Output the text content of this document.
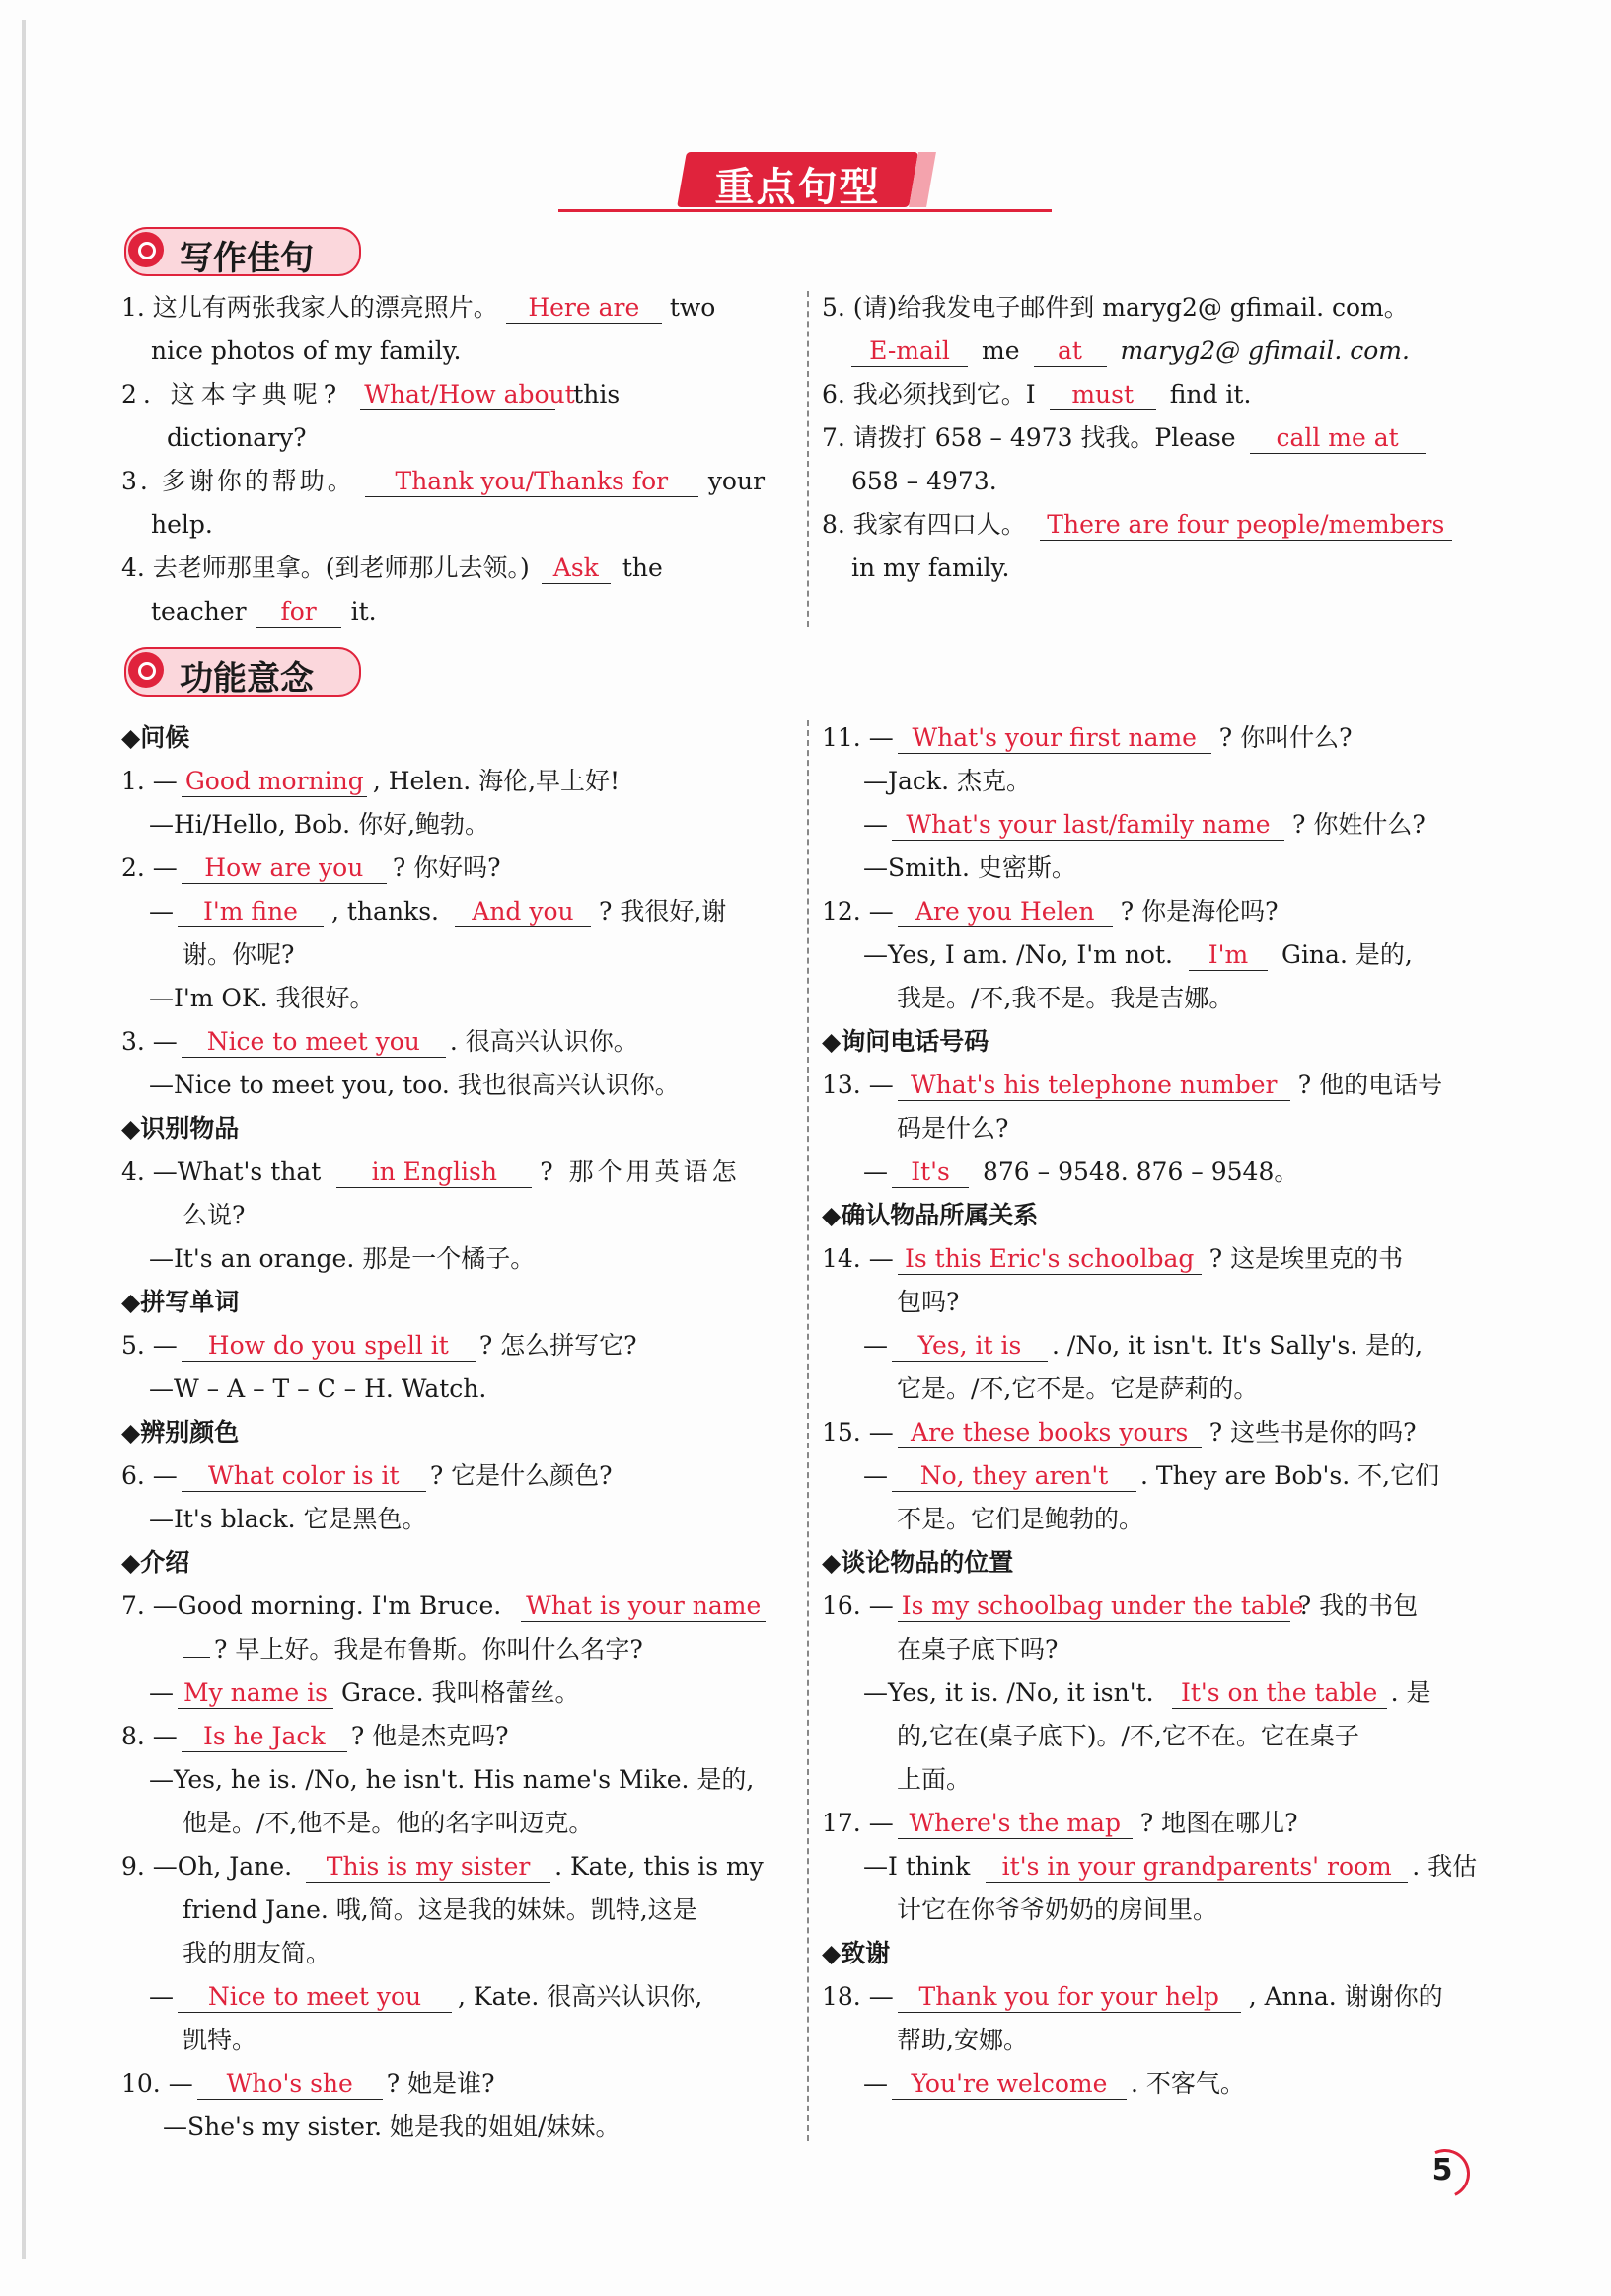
重点句型
写作佳句
1. 这儿有两张我家人的漂亮照片。 Here are two
nice photos of my family.
2. 这本字典呢? What/How aboutthis
dictionary?
3. 多谢你的帮助。 Thank you/Thanks for your
help.
4. 去老师那里拿。(到老师那儿去领。) Ask the
teacher for it.
5. (请)给我发电子邮件到 maryg2@ gfimail. com。
E-mail me at maryg2@ gfimail. com.
6. 我必须找到它。I must find it.
7. 请拨打 658 – 4973 找我。Please call me at
658 – 4973.
8. 我家有四口人。 There are four people/members
in my family.
功能意念
◆问候
1. — Good morning , Helen. 海伦,早上好!
—Hi/Hello, Bob. 你好,鲍勃。
2. — How are you ? 你好吗?
— I'm fine , thanks. And you ? 我很好,谢
谢。你呢?
—I'm OK. 我很好。
3. — Nice to meet you . 很高兴认识你。
—Nice to meet you, too. 我也很高兴认识你。
◆识别物品
4. —What's that in English ? 那个用英语怎
么说?
—It's an orange. 那是一个橘子。
◆拼写单词
5. — How do you spell it ? 怎么拼写它?
—W – A – T – C – H. Watch.
◆辨别颜色
6. — What color is it ? 它是什么颜色?
—It's black. 它是黑色。
◆介绍
7. —Good morning. I'm Bruce. What is your name
? 早上好。我是布鲁斯。你叫什么名字?
— My name is Grace. 我叫格蕾丝。
8. — Is he Jack ? 他是杰克吗?
—Yes, he is. /No, he isn't. His name's Mike. 是的,
他是。/不,他不是。他的名字叫迈克。
9. —Oh, Jane. This is my sister . Kate, this is my
friend Jane. 哦,简。这是我的妹妹。凯特,这是
我的朋友简。
— Nice to meet you , Kate. 很高兴认识你,
凯特。
10. — Who's she ? 她是谁?
—She's my sister. 她是我的姐姐/妹妹。
11. — What's your first name ? 你叫什么?
—Jack. 杰克。
— What's your last/family name ? 你姓什么?
—Smith. 史密斯。
12. — Are you Helen ? 你是海伦吗?
—Yes, I am. /No, I'm not. I'm Gina. 是的,
我是。/不,我不是。我是吉娜。
◆询问电话号码
13. — What's his telephone number ? 他的电话号
码是什么?
— It's 876 – 9548. 876 – 9548。
◆确认物品所属关系
14. — Is this Eric's schoolbag ? 这是埃里克的书
包吗?
— Yes, it is . /No, it isn't. It's Sally's. 是的,
它是。/不,它不是。它是萨莉的。
15. — Are these books yours ? 这些书是你的吗?
— No, they aren't . They are Bob's. 不,它们
不是。它们是鲍勃的。
◆谈论物品的位置
16. — Is my schoolbag under the table? 我的书包
在桌子底下吗?
—Yes, it is. /No, it isn't. It's on the table . 是
的,它在(桌子底下)。/不,它不在。它在桌子
上面。
17. — Where's the map ? 地图在哪儿?
—I think it's in your grandparents' room . 我估
计它在你爷爷奶奶的房间里。
◆致谢
18. — Thank you for your help , Anna. 谢谢你的
帮助,安娜。
— You're welcome . 不客气。
5
